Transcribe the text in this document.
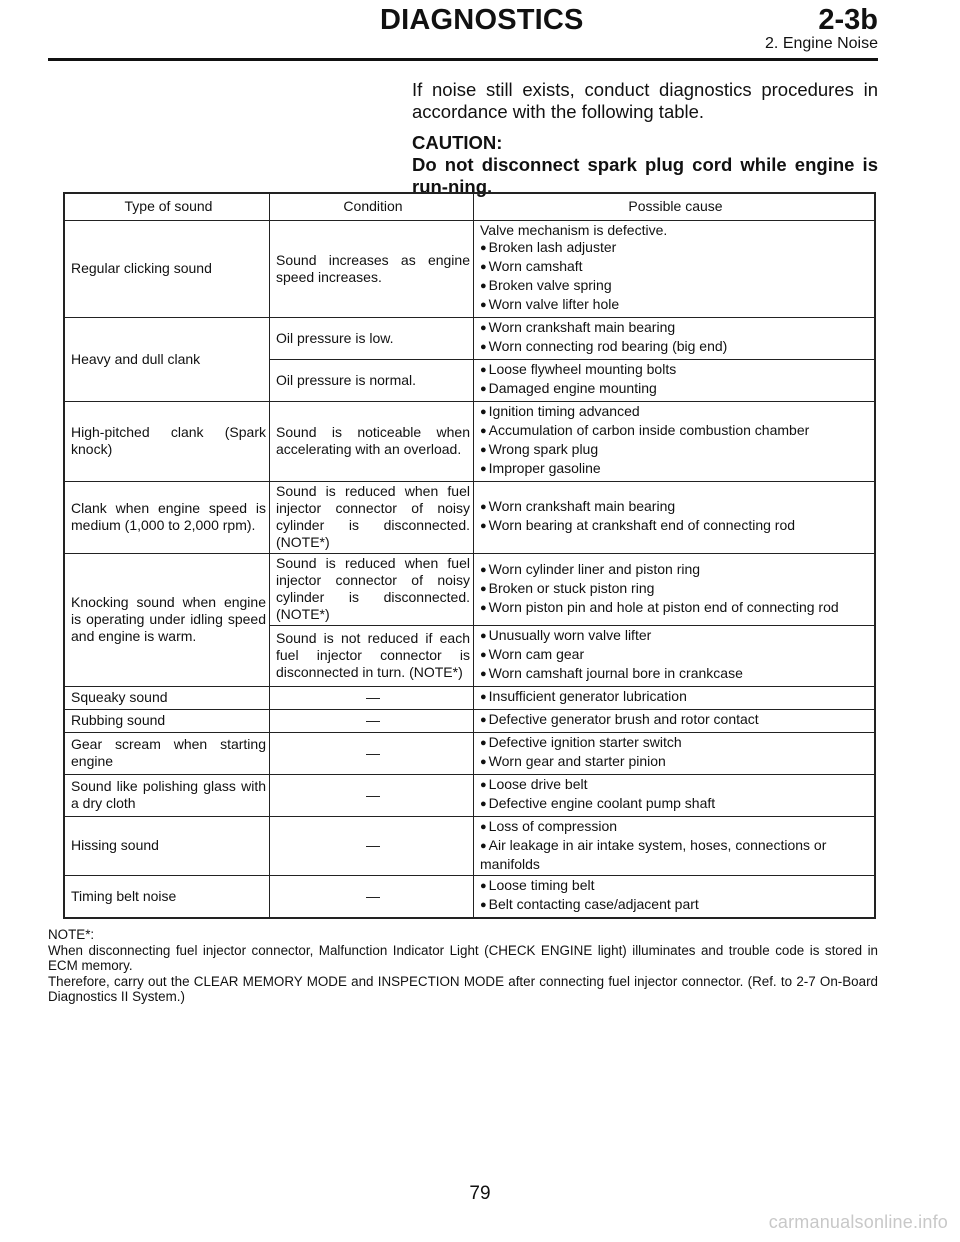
DIAGNOSTICS	2-3b
2. Engine Noise

If noise still exists, conduct diagnostics procedures in accordance with the following table.

CAUTION:

Do not disconnect spark plug cord while engine is run-ning.

Type of sound	Condition	Possible cause
Regular clicking sound	Sound increases as engine speed increases.	Valve mechanism is defective.
● Broken lash adjuster
● Worn camshaft
● Broken valve spring
● Worn valve lifter hole

Heavy and dull clank	Oil pressure is low.	● Worn crankshaft main bearing
● Worn connecting rod bearing (big end)

	Oil pressure is normal.	● Loose flywheel mounting bolts
● Damaged engine mounting

High-pitched clank (Spark knock)	Sound is noticeable when accelerating with an overload.	● Ignition timing advanced
● Accumulation of carbon inside combustion chamber
● Wrong spark plug
● Improper gasoline

Clank when engine speed is medium (1,000 to 2,000 rpm).	Sound is reduced when fuel injector connector of noisy cylinder is disconnected. (NOTE*)	● Worn crankshaft main bearing
● Worn bearing at crankshaft end of connecting rod

Knocking sound when engine is operating under idling speed and engine is warm.	Sound is reduced when fuel injector connector of noisy cylinder is disconnected. (NOTE*)	● Worn cylinder liner and piston ring
● Broken or stuck piston ring
● Worn piston pin and hole at piston end of connecting rod

	Sound is not reduced if each fuel injector connector is disconnected in turn. (NOTE*)	● Unusually worn valve lifter
● Worn cam gear
● Worn camshaft journal bore in crankcase

Squeaky sound	—	● Insufficient generator lubrication

Rubbing sound	—	● Defective generator brush and rotor contact

Gear scream when starting engine	—	● Defective ignition starter switch
● Worn gear and starter pinion

Sound like polishing glass with a dry cloth	—	● Loose drive belt
● Defective engine coolant pump shaft

Hissing sound	—	● Loss of compression
● Air leakage in air intake system, hoses, connections or manifolds

Timing belt noise	—	● Loose timing belt
● Belt contacting case/adjacent part

NOTE*:

When disconnecting fuel injector connector, Malfunction Indicator Light (CHECK ENGINE light) illuminates and trouble code is stored in ECM memory.

Therefore, carry out the CLEAR MEMORY MODE and INSPECTION MODE after connecting fuel injector connector. (Ref. to 2-7 On-Board Diagnostics II System.)

79
carmanualsonline.info
